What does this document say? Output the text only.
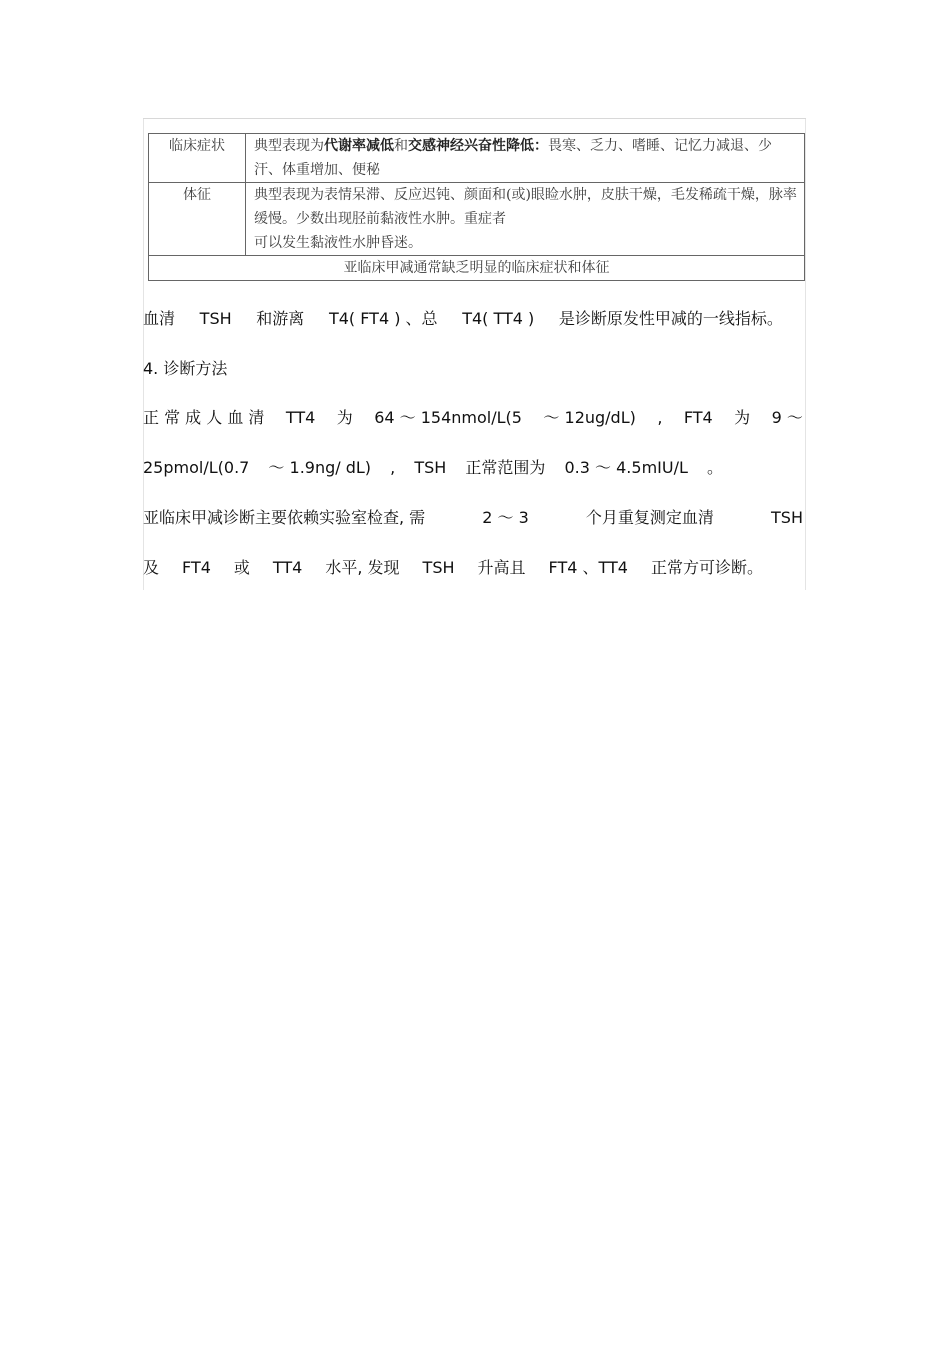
临床症状	典型表现为代谢率减低和交感神经兴奋性降低：畏寒、乏力、嗜睡、记忆力减退、少汗、体重增加、便秘
体征	典型表现为表情呆滞、反应迟钝、颜面和(或)眼睑水肿，皮肤干燥，毛发稀疏干燥，脉率缓慢。少数出现胫前黏液性水肿。重症者
可以发生黏液性水肿昏迷。
亚临床甲减通常缺乏明显的临床症状和体征	
血清 TSH 和游离 T4( FT4 ) 、总 T4( TT4 ) 是诊断原发性甲减的一线指标。
4. 诊断方法
正 常 成 人 血 清 TT4 为 64 ～ 154nmol/L(5 ～ 12ug/dL) , FT4 为 9 ～
25pmol/L(0.7 ～ 1.9ng/ dL) , TSH 正常范围为 0.3 ～ 4.5mIU/L 。
亚临床甲减诊断主要依赖实验室检查, 需	2 ～ 3	个月重复测定血清	TSH
及 FT4 或 TT4 水平, 发现 TSH 升高且 FT4 、TT4 正常方可诊断。
